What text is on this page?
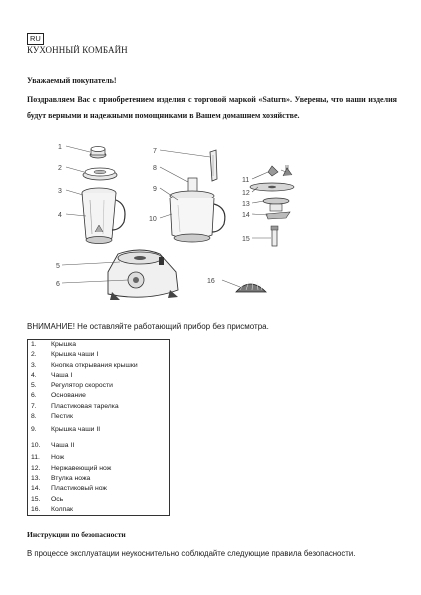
RU
КУХОННЫЙ КОМБАЙН
Уважаемый покупатель!
Поздравляем Вас с приобретением изделия с торговой маркой «Saturn». Уверены, что наши изделия будут верными и надежными помощниками в Вашем домашнем хозяйстве.
1
2
3
4
5
6
7
8
9
10
11
12
13
14
15
16
II
ВНИМАНИЕ! Не оставляйте работающий прибор без присмотра.
1.	Крышка
2.	Крышка чаши I
3.	Кнопка открывания крышки
4.	Чаша I
5.	Регулятор скорости
6.	Основание
7.	Пластиковая тарелка
8.	Пестик
9.	Крышка чаши II
10.	Чаша II
11.	Нож
12.	Нержавеющий нож
13.	Втулка ножа
14.	Пластиковый нож
15.	Ось
16.	Колпак
Инструкции по безопасности
В процессе эксплуатации неукоснительно соблюдайте следующие правила безопасности.
